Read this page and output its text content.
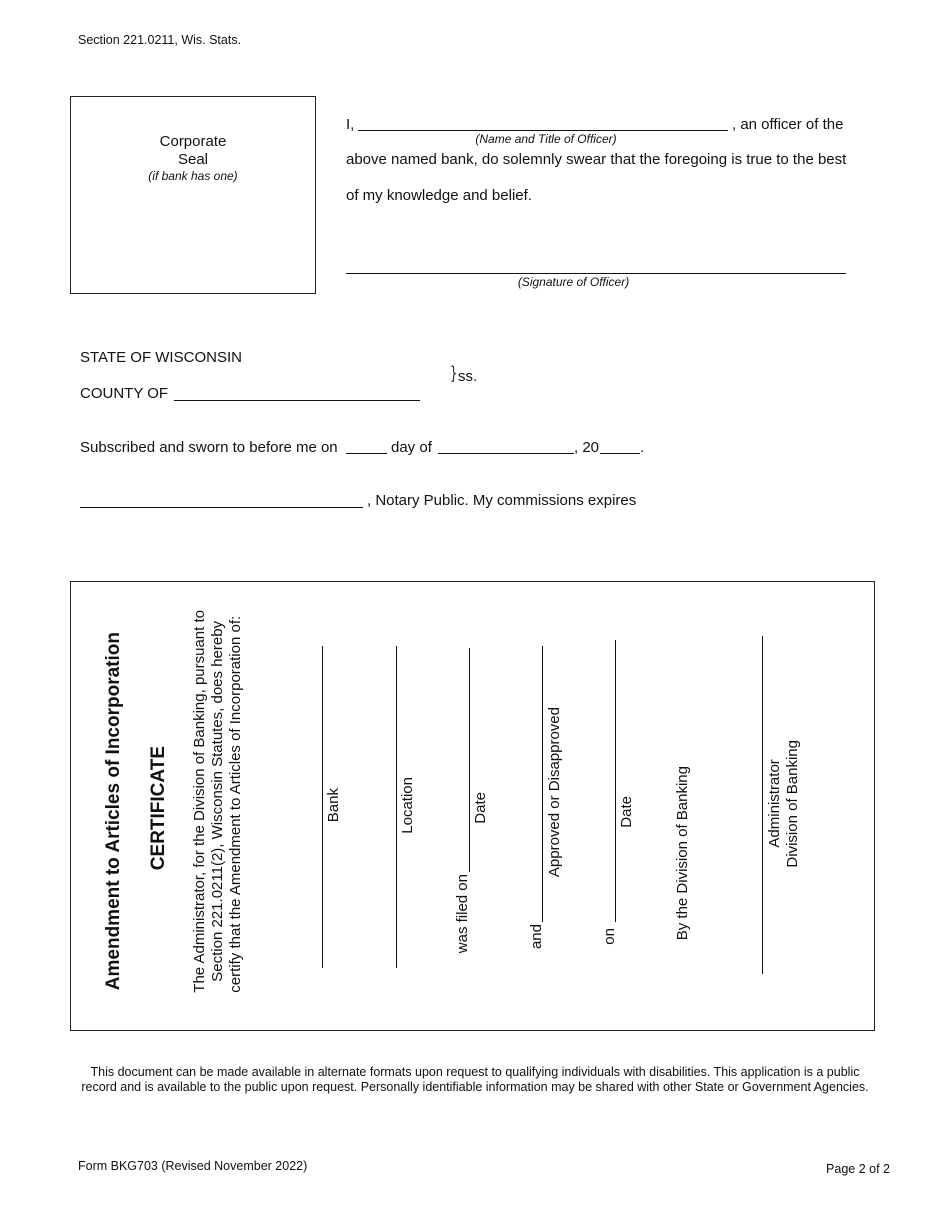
Section 221.0211, Wis. Stats.
Corporate
Seal
(if bank has one)
I,	, an officer of the
(Name and Title of Officer)
above named bank, do solemnly swear that the foregoing is true to the best
of my knowledge and belief.
(Signature of Officer)
STATE OF WISCONSIN
COUNTY OF
} ss.
Subscribed and sworn to before me on	day of	, 20	.
, Notary Public. My commissions expires
Amendment to Articles of Incorporation CERTIFICATE The Administrator, for the Division of Banking, pursuant to Section 221.0211(2), Wisconsin Statutes, does hereby certify that the Amendment to Articles of Incorporation of:	Bank	Location
was filed on
Date
and
Approved or Disapproved
on
Date	By the Division of Banking	Administrator Division of Banking
This document can be made available in alternate formats upon request to qualifying individuals with disabilities. This application is a public
record and is available to the public upon request. Personally identifiable information may be shared with other State or Government Agencies.
Form BKG703 (Revised November 2022)	Page 2 of 2
